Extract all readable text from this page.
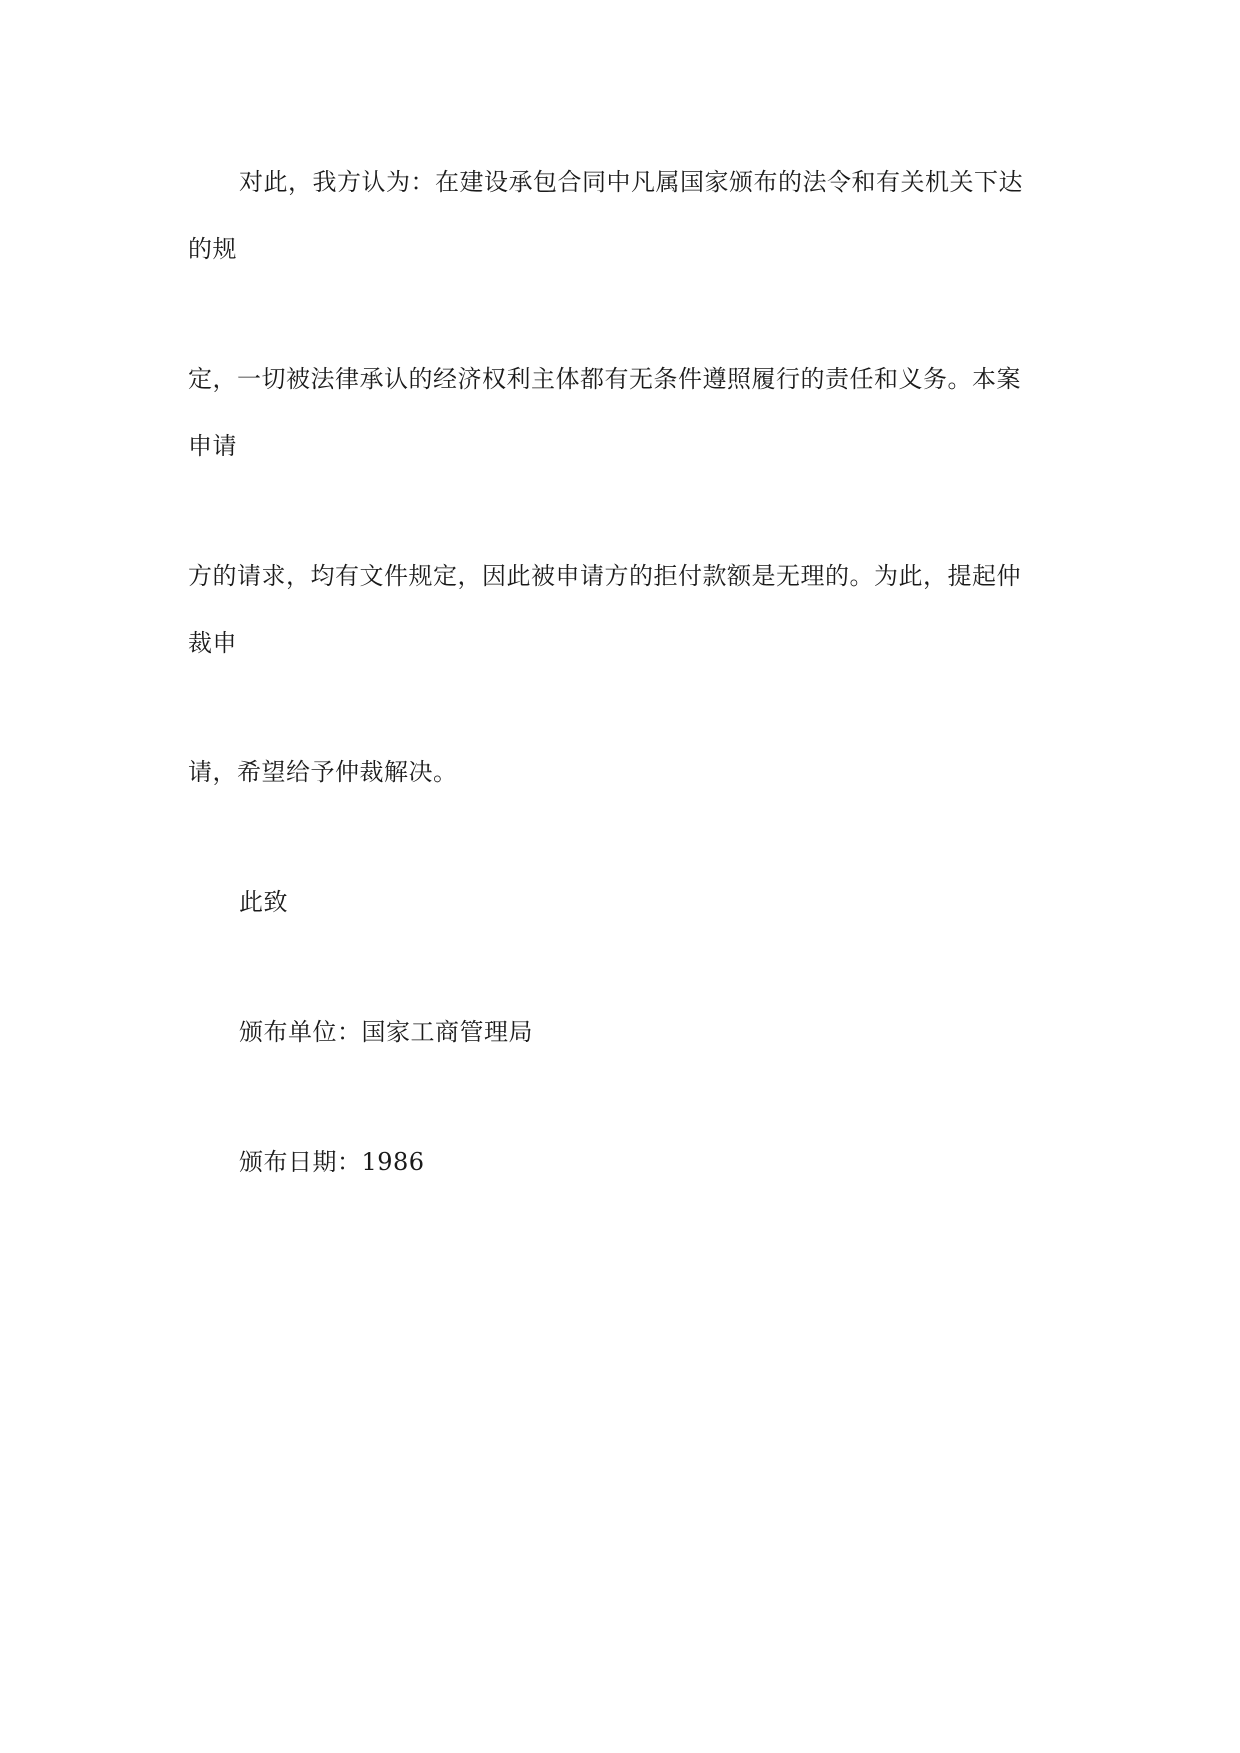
对此，我方认为：在建设承包合同中凡属国家颁布的法令和有关机关下达
的规
定，一切被法律承认的经济权利主体都有无条件遵照履行的责任和义务。本案
申请
方的请求，均有文件规定，因此被申请方的拒付款额是无理的。为此，提起仲
裁申
请，希望给予仲裁解决。
此致
颁布单位：国家工商管理局
颁布日期：1986
